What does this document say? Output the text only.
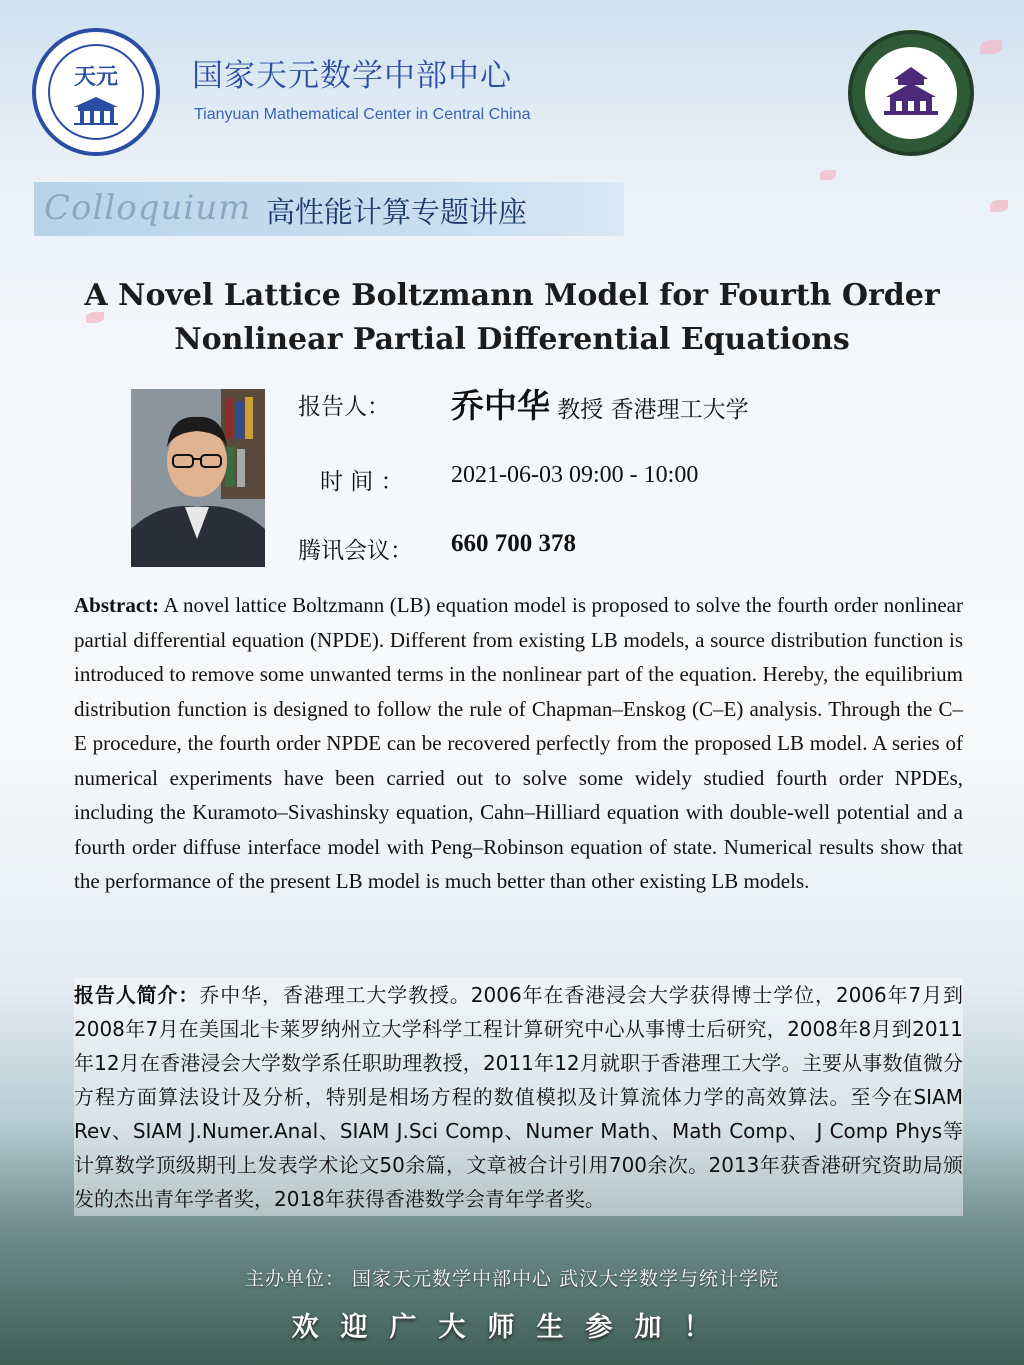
天元 国家天元数学中部中心
Tianyuan Mathematical Center in Central China
Colloquium 高性能计算专题讲座
A Novel Lattice Boltzmann Model for Fourth Order
Nonlinear Partial Differential Equations
报告人： 乔中华 教授 香港理工大学
时 间 ： 2021-06-03 09:00 - 10:00
腾讯会议： 660 700 378
Abstract: A novel lattice Boltzmann (LB) equation model is proposed to solve the fourth order nonlinear partial differential equation (NPDE). Different from existing LB models, a source distribution function is introduced to remove some unwanted terms in the nonlinear part of the equation. Hereby, the equilibrium distribution function is designed to follow the rule of Chapman–Enskog (C–E) analysis. Through the C–E procedure, the fourth order NPDE can be recovered perfectly from the proposed LB model. A series of numerical experiments have been carried out to solve some widely studied fourth order NPDEs, including the Kuramoto–Sivashinsky equation, Cahn–Hilliard equation with double-well potential and a fourth order diffuse interface model with Peng–Robinson equation of state. Numerical results show that the performance of the present LB model is much better than other existing LB models.
报告人简介：乔中华，香港理工大学教授。2006年在香港浸会大学获得博士学位，2006年7月到2008年7月在美国北卡莱罗纳州立大学科学工程计算研究中心从事博士后研究，2008年8月到2011年12月在香港浸会大学数学系任职助理教授，2011年12月就职于香港理工大学。主要从事数值微分方程方面算法设计及分析，特别是相场方程的数值模拟及计算流体力学的高效算法。至今在SIAM Rev、SIAM J.Numer.Anal、SIAM J.Sci Comp、Numer Math、Math Comp、 J Comp Phys等计算数学顶级期刊上发表学术论文50余篇，文章被合计引用700余次。2013年获香港研究资助局颁发的杰出青年学者奖，2018年获得香港数学会青年学者奖。
主办单位： 国家天元数学中部中心 武汉大学数学与统计学院
欢迎广大师生参加！
